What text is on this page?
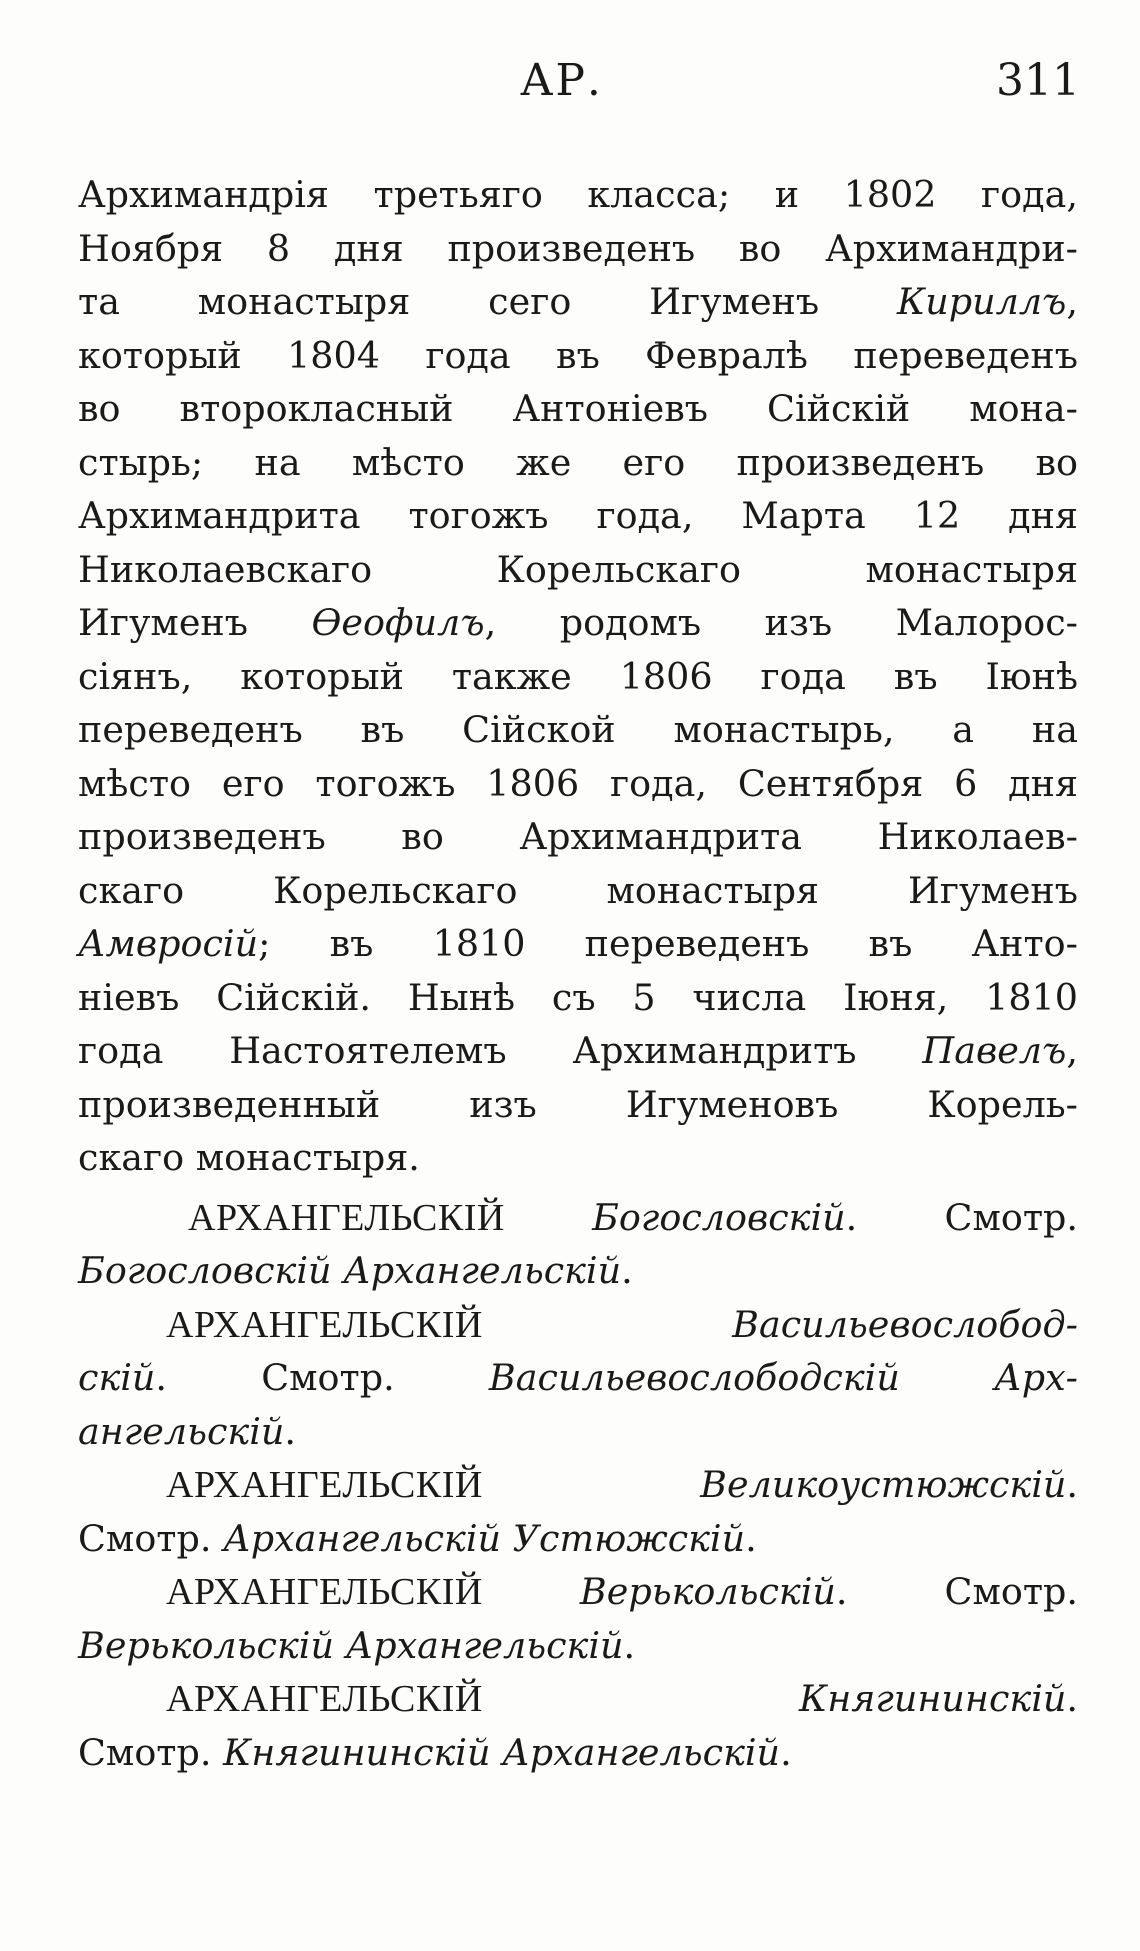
АР.	311
Архимандрія третьяго класса; и 1802 года,
Ноября 8 дня произведенъ во Архимандри-
та монастыря сего Игуменъ Кириллъ,
который 1804 года въ Февралѣ переведенъ
во второкласный Антоніевъ Сійскій мона-
стырь; на мѣсто же его произведенъ во
Архимандрита тогожъ года, Марта 12 дня
Николаевскаго Корельскаго монастыря
Игуменъ Ѳеофилъ, родомъ изъ Малорос-
сіянъ, который также 1806 года въ Іюнѣ
переведенъ въ Сійской монастырь, а на
мѣсто его тогожъ 1806 года, Сентября 6 дня
произведенъ во Архимандрита Николаев-
скаго Корельскаго монастыря Игуменъ
Амвросій; въ 1810 переведенъ въ Анто-
ніевъ Сійскій. Нынѣ съ 5 числа Іюня, 1810
года Настоятелемъ Архимандритъ Павелъ,
произведенный изъ Игуменовъ Корель-
скаго монастыря.
АРХАНГЕЛЬСКІЙ Богословскій. Смотр.
Богословскій Архангельскій.
АРХАНГЕЛЬСКІЙ	Васильевослобод-
скій. Смотр. Васильевослободскій Арх-
ангельскій.
АРХАНГЕЛЬСКІЙ	Великоустюжскій.
Смотр. Архангельскій Устюжскій.
АРХАНГЕЛЬСКІЙ	Верькольскій. Смотр.
Верькольскій Архангельскій.
АРХАНГЕЛЬСКІЙ	Княгининскій.
Смотр. Княгининскій Архангельскій.
